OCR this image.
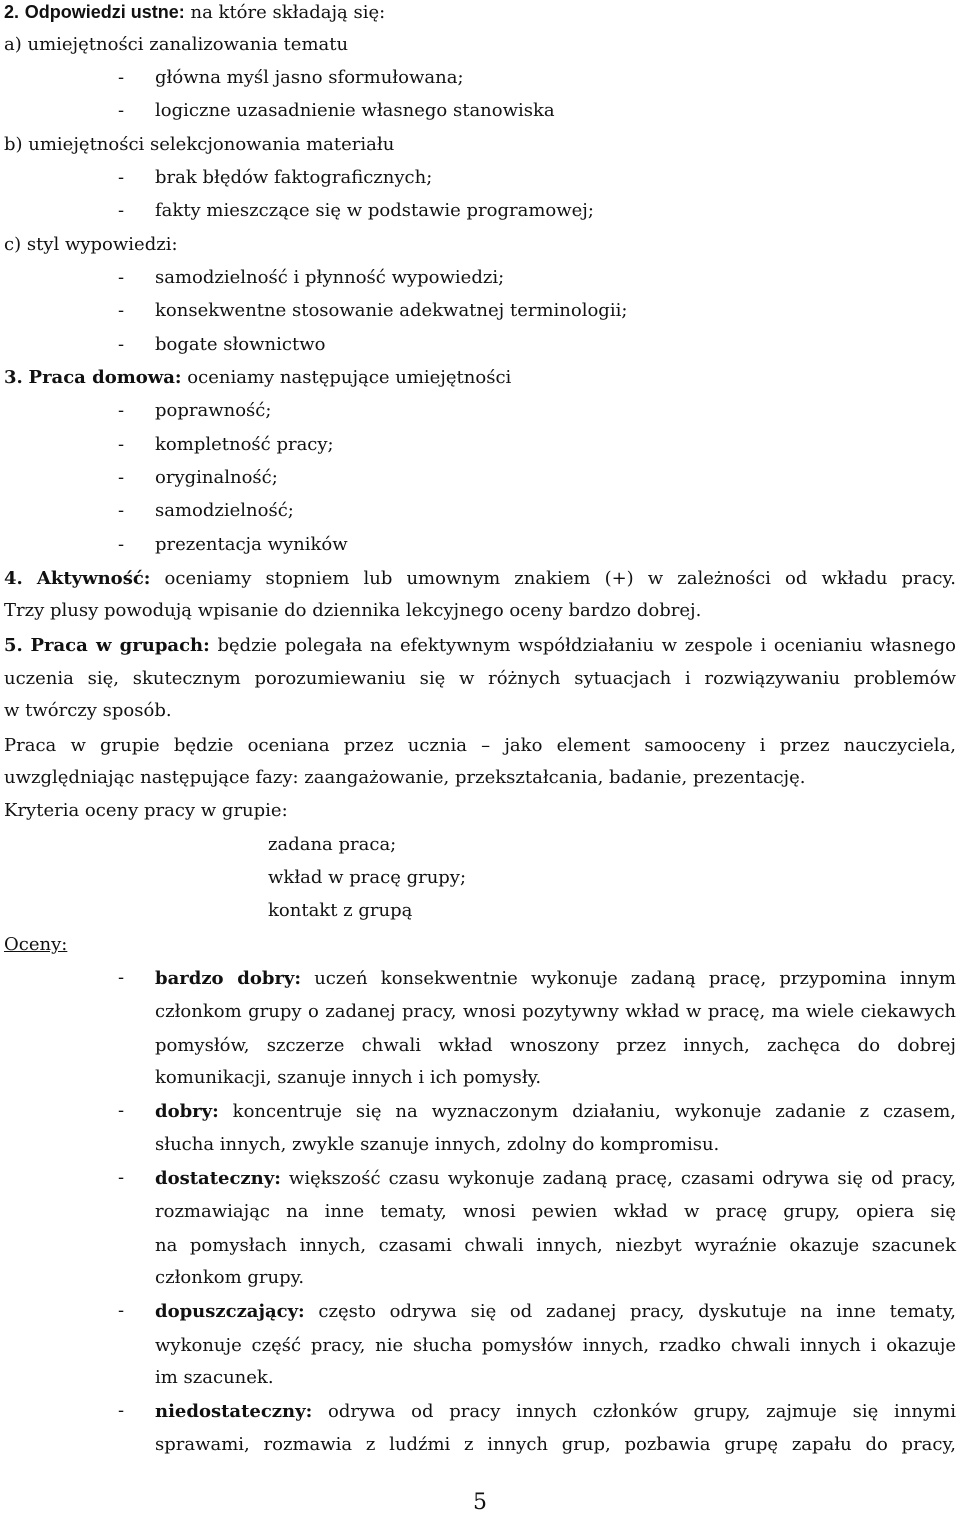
2. Odpowiedzi ustne: na które składają się:
a) umiejętności zanalizowania tematu
- główna myśl jasno sformułowana;
- logiczne uzasadnienie własnego stanowiska
b) umiejętności selekcjonowania materiału
- brak błędów faktograficznych;
- fakty mieszczące się w podstawie programowej;
c) styl wypowiedzi:
- samodzielność i płynność wypowiedzi;
- konsekwentne stosowanie adekwatnej terminologii;
- bogate słownictwo
3. Praca domowa: oceniamy następujące umiejętności
- poprawność;
- kompletność pracy;
- oryginalność;
- samodzielność;
- prezentacja wyników
4. Aktywność: oceniamy stopniem lub umownym znakiem (+) w zależności od wkładu pracy.
Trzy plusy powodują wpisanie do dziennika lekcyjnego oceny bardzo dobrej.
5. Praca w grupach: będzie polegała na efektywnym współdziałaniu w zespole i ocenianiu własnego
uczenia się, skutecznym porozumiewaniu się w różnych sytuacjach i rozwiązywaniu problemów
w twórczy sposób.
Praca w grupie będzie oceniana przez ucznia – jako element samooceny i przez nauczyciela,
uwzględniając następujące fazy: zaangażowanie, przekształcania, badanie, prezentację.
Kryteria oceny pracy w grupie:
zadana praca;
wkład w pracę grupy;
kontakt z grupą
Oceny:
- bardzo dobry: uczeń konsekwentnie wykonuje zadaną pracę, przypomina innym
członkom grupy o zadanej pracy, wnosi pozytywny wkład w pracę, ma wiele ciekawych
pomysłów, szczerze chwali wkład wnoszony przez innych, zachęca do dobrej
komunikacji, szanuje innych i ich pomysły.
- dobry: koncentruje się na wyznaczonym działaniu, wykonuje zadanie z czasem,
słucha innych, zwykle szanuje innych, zdolny do kompromisu.
- dostateczny: większość czasu wykonuje zadaną pracę, czasami odrywa się od pracy,
rozmawiając na inne tematy, wnosi pewien wkład w pracę grupy, opiera się
na pomysłach innych, czasami chwali innych, niezbyt wyraźnie okazuje szacunek
członkom grupy.
- dopuszczający: często odrywa się od zadanej pracy, dyskutuje na inne tematy,
wykonuje część pracy, nie słucha pomysłów innych, rzadko chwali innych i okazuje
im szacunek.
- niedostateczny: odrywa od pracy innych członków grupy, zajmuje się innymi
sprawami, rozmawia z ludźmi z innych grup, pozbawia grupę zapału do pracy,
5
